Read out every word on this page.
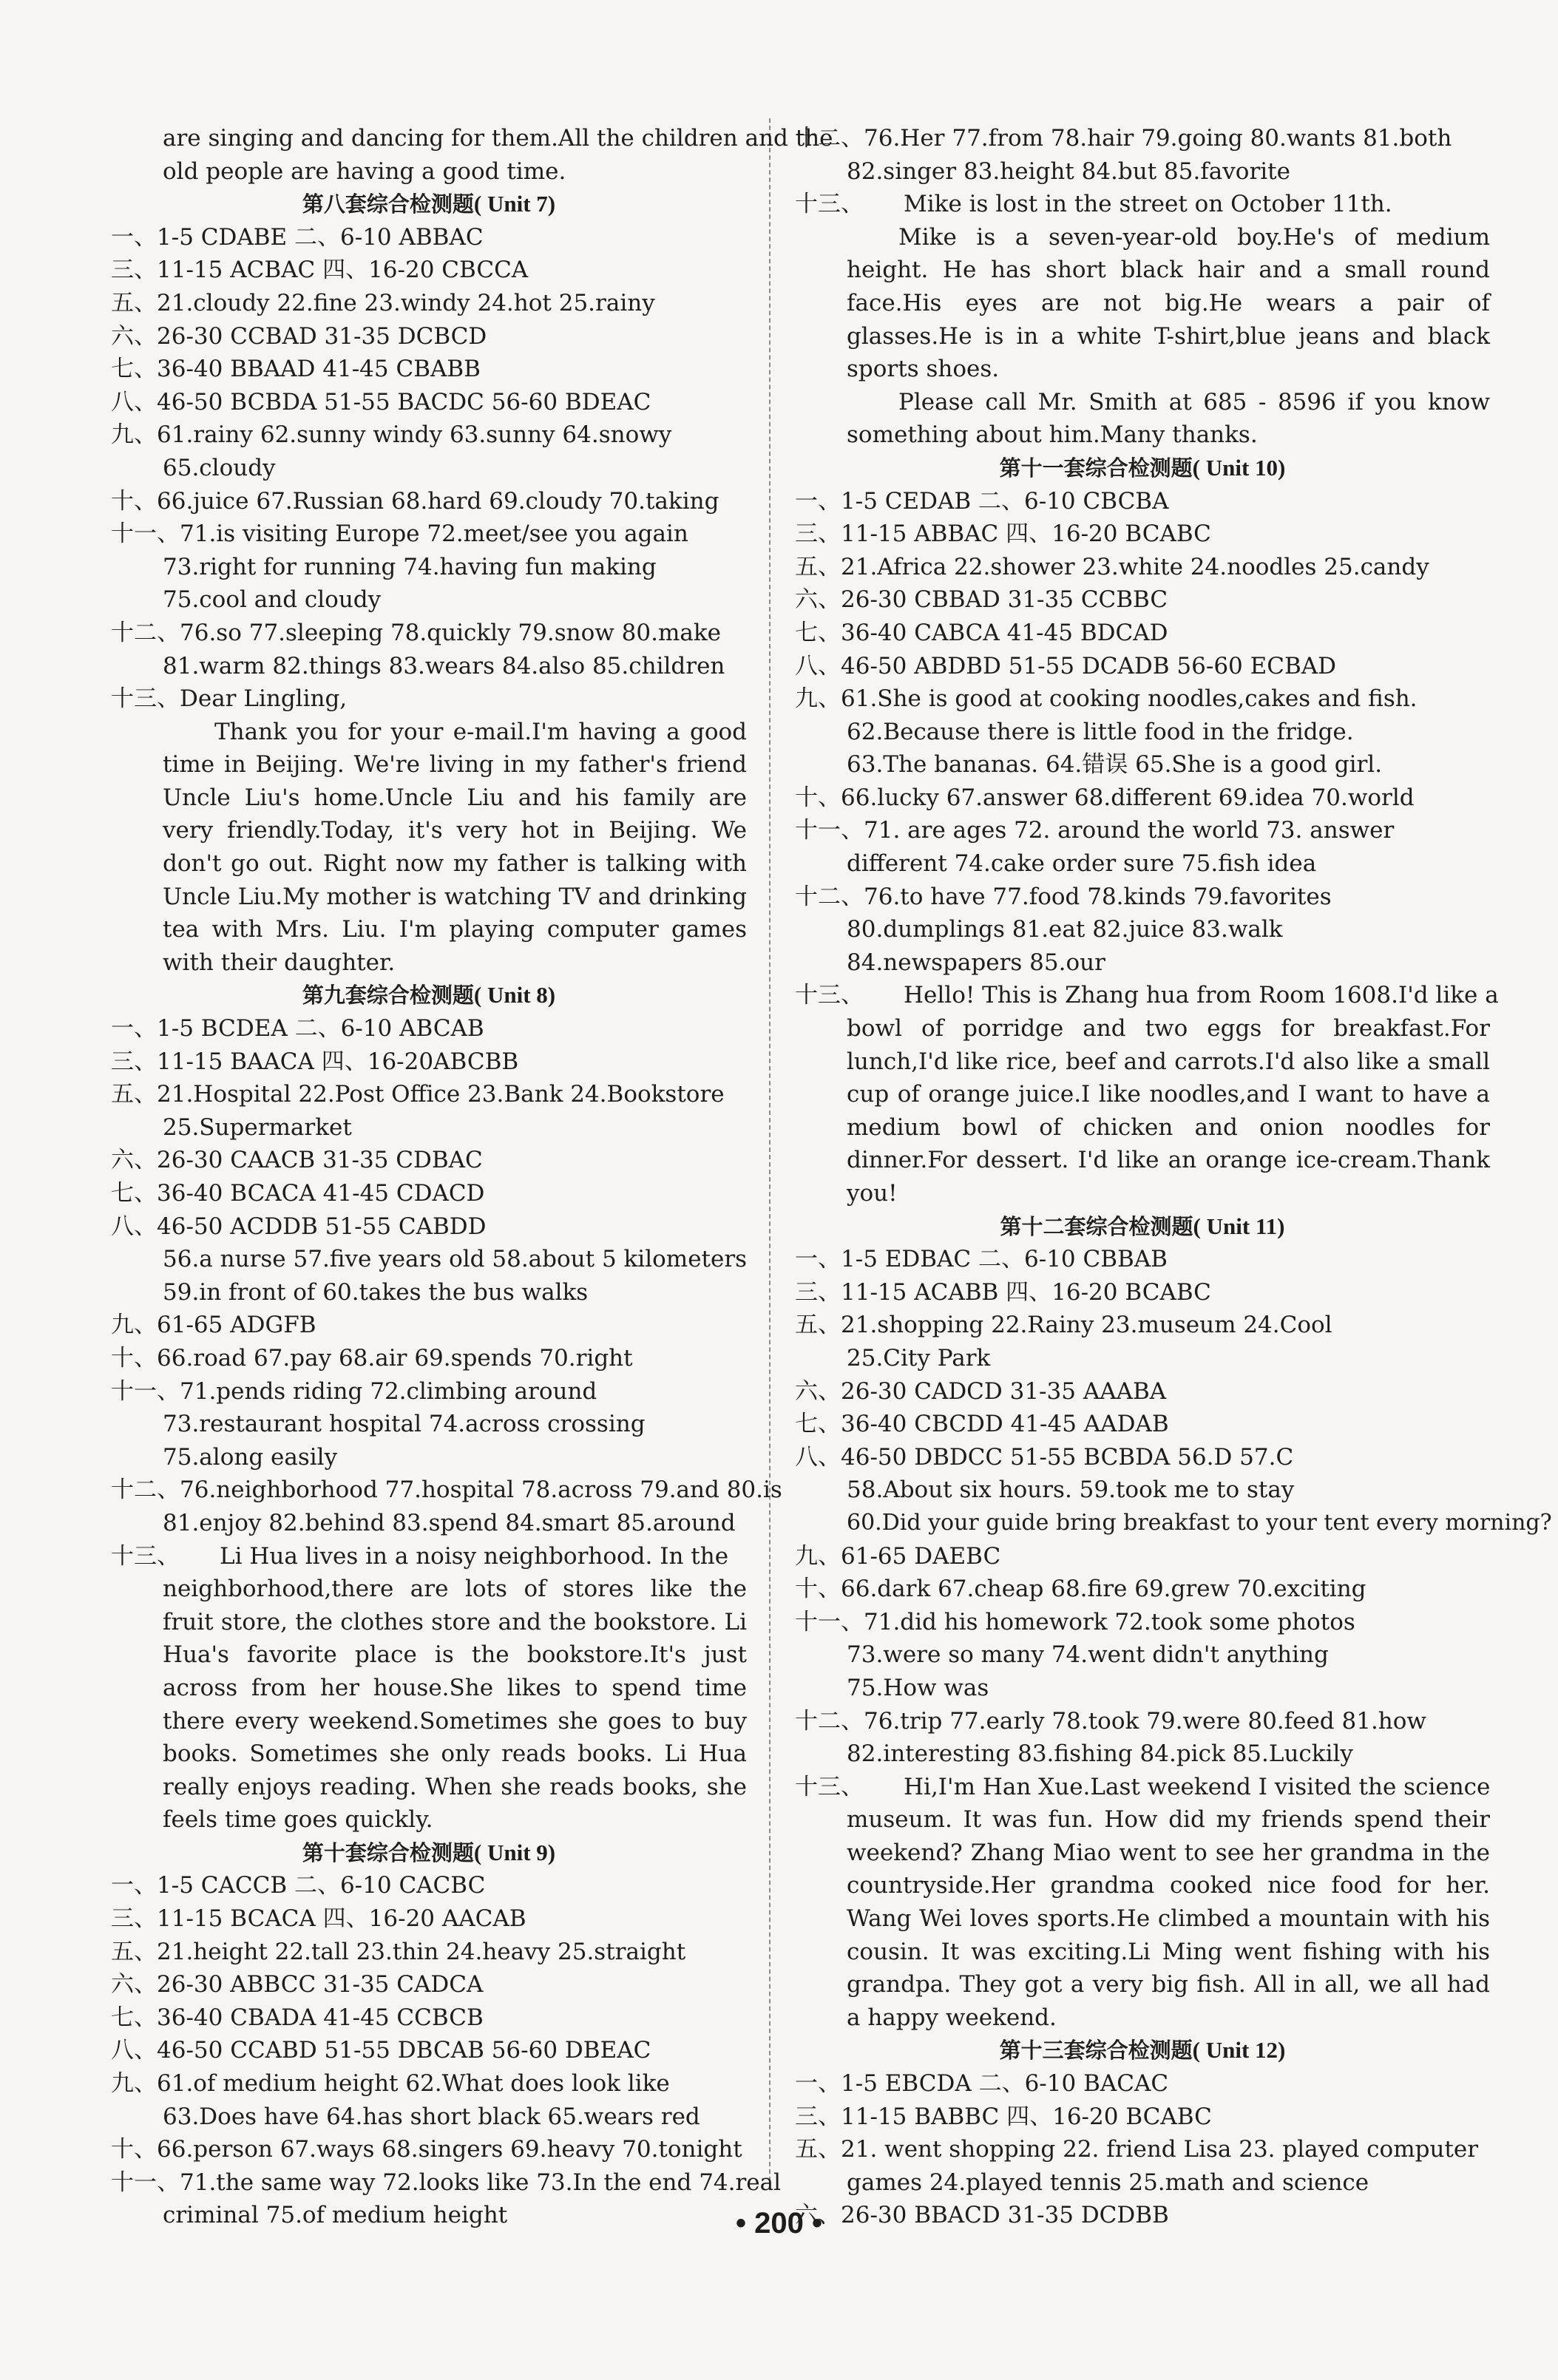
are singing and dancing for them.All the children and the
old people are having a good time.
第八套综合检测题( Unit 7)
一、1-5 CDABE 二、6-10 ABBAC
三、11-15 ACBAC 四、16-20 CBCCA
五、21.cloudy 22.fine 23.windy 24.hot 25.rainy
六、26-30 CCBAD 31-35 DCBCD
七、36-40 BBAAD 41-45 CBABB
八、46-50 BCBDA 51-55 BACDC 56-60 BDEAC
九、61.rainy 62.sunny windy 63.sunny 64.snowy
65.cloudy
十、66.juice 67.Russian 68.hard 69.cloudy 70.taking
十一、71.is visiting Europe 72.meet/see you again
73.right for running 74.having fun making
75.cool and cloudy
十二、76.so 77.sleeping 78.quickly 79.snow 80.make
81.warm 82.things 83.wears 84.also 85.children
十三、Dear Lingling,

Thank you for your e-mail.I'm having a good time in Beijing. We're living in my father's friend Uncle Liu's home.Uncle Liu and his family are very friendly.Today, it's very hot in Beijing. We don't go out. Right now my father is talking with Uncle Liu.My mother is watching TV and drinking tea with Mrs. Liu. I'm playing computer games with their daughter.

第九套综合检测题( Unit 8)
一、1-5 BCDEA 二、6-10 ABCAB
三、11-15 BAACA 四、16-20ABCBB
五、21.Hospital 22.Post Office 23.Bank 24.Bookstore
25.Supermarket
六、26-30 CAACB 31-35 CDBAC
七、36-40 BCACA 41-45 CDACD
八、46-50 ACDDB 51-55 CABDD
56.a nurse 57.five years old 58.about 5 kilometers
59.in front of 60.takes the bus walks
九、61-65 ADGFB
十、66.road 67.pay 68.air 69.spends 70.right
十一、71.pends riding 72.climbing around
73.restaurant hospital 74.across crossing
75.along easily
十二、76.neighborhood 77.hospital 78.across 79.and 80.is
81.enjoy 82.behind 83.spend 84.smart 85.around
十三、 Li Hua lives in a noisy neighborhood. In the

neighborhood,there are lots of stores like the fruit store, the clothes store and the bookstore. Li Hua's favorite place is the bookstore.It's just across from her house.She likes to spend time there every weekend.Sometimes she goes to buy books. Sometimes she only reads books. Li Hua really enjoys reading. When she reads books, she feels time goes quickly.

第十套综合检测题( Unit 9)
一、1-5 CACCB 二、6-10 CACBC
三、11-15 BCACA 四、16-20 AACAB
五、21.height 22.tall 23.thin 24.heavy 25.straight
六、26-30 ABBCC 31-35 CADCA
七、36-40 CBADA 41-45 CCBCB
八、46-50 CCABD 51-55 DBCAB 56-60 DBEAC
九、61.of medium height 62.What does look like
63.Does have 64.has short black 65.wears red
十、66.person 67.ways 68.singers 69.heavy 70.tonight
十一、71.the same way 72.looks like 73.In the end 74.real
criminal 75.of medium height
十二、76.Her 77.from 78.hair 79.going 80.wants 81.both
82.singer 83.height 84.but 85.favorite
十三、 Mike is lost in the street on October 11th.

Mike is a seven-year-old boy.He's of medium height. He has short black hair and a small round face.His eyes are not big.He wears a pair of glasses.He is in a white T-shirt,blue jeans and black sports shoes.

Please call Mr. Smith at 685 - 8596 if you know something about him.Many thanks.

第十一套综合检测题( Unit 10)
一、1-5 CEDAB 二、6-10 CBCBA
三、11-15 ABBAC 四、16-20 BCABC
五、21.Africa 22.shower 23.white 24.noodles 25.candy
六、26-30 CBBAD 31-35 CCBBC
七、36-40 CABCA 41-45 BDCAD
八、46-50 ABDBD 51-55 DCADB 56-60 ECBAD
九、61.She is good at cooking noodles,cakes and fish.
62.Because there is little food in the fridge.
63.The bananas. 64.错误 65.She is a good girl.
十、66.lucky 67.answer 68.different 69.idea 70.world
十一、71. are ages 72. around the world 73. answer
different 74.cake order sure 75.fish idea
十二、76.to have 77.food 78.kinds 79.favorites
80.dumplings 81.eat 82.juice 83.walk
84.newspapers 85.our
十三、 Hello! This is Zhang hua from Room 1608.I'd like a

bowl of porridge and two eggs for breakfast.For lunch,I'd like rice, beef and carrots.I'd also like a small cup of orange juice.I like noodles,and I want to have a medium bowl of chicken and onion noodles for dinner.For dessert. I'd like an orange ice-cream.Thank you!

第十二套综合检测题( Unit 11)
一、1-5 EDBAC 二、6-10 CBBAB
三、11-15 ACABB 四、16-20 BCABC
五、21.shopping 22.Rainy 23.museum 24.Cool
25.City Park
六、26-30 CADCD 31-35 AAABA
七、36-40 CBCDD 41-45 AADAB
八、46-50 DBDCC 51-55 BCBDA 56.D 57.C
58.About six hours. 59.took me to stay
60.Did your guide bring breakfast to your tent every morning?
九、61-65 DAEBC
十、66.dark 67.cheap 68.fire 69.grew 70.exciting
十一、71.did his homework 72.took some photos
73.were so many 74.went didn't anything
75.How was
十二、76.trip 77.early 78.took 79.were 80.feed 81.how
82.interesting 83.fishing 84.pick 85.Luckily
十三、 Hi,I'm Han Xue.Last weekend I visited the science

museum. It was fun. How did my friends spend their weekend? Zhang Miao went to see her grandma in the countryside.Her grandma cooked nice food for her. Wang Wei loves sports.He climbed a mountain with his cousin. It was exciting.Li Ming went fishing with his grandpa. They got a very big fish. All in all, we all had a happy weekend.

第十三套综合检测题( Unit 12)
一、1-5 EBCDA 二、6-10 BACAC
三、11-15 BABBC 四、16-20 BCABC
五、21. went shopping 22. friend Lisa 23. played computer
games 24.played tennis 25.math and science
六、26-30 BBACD 31-35 DCDBB
• 200 •
